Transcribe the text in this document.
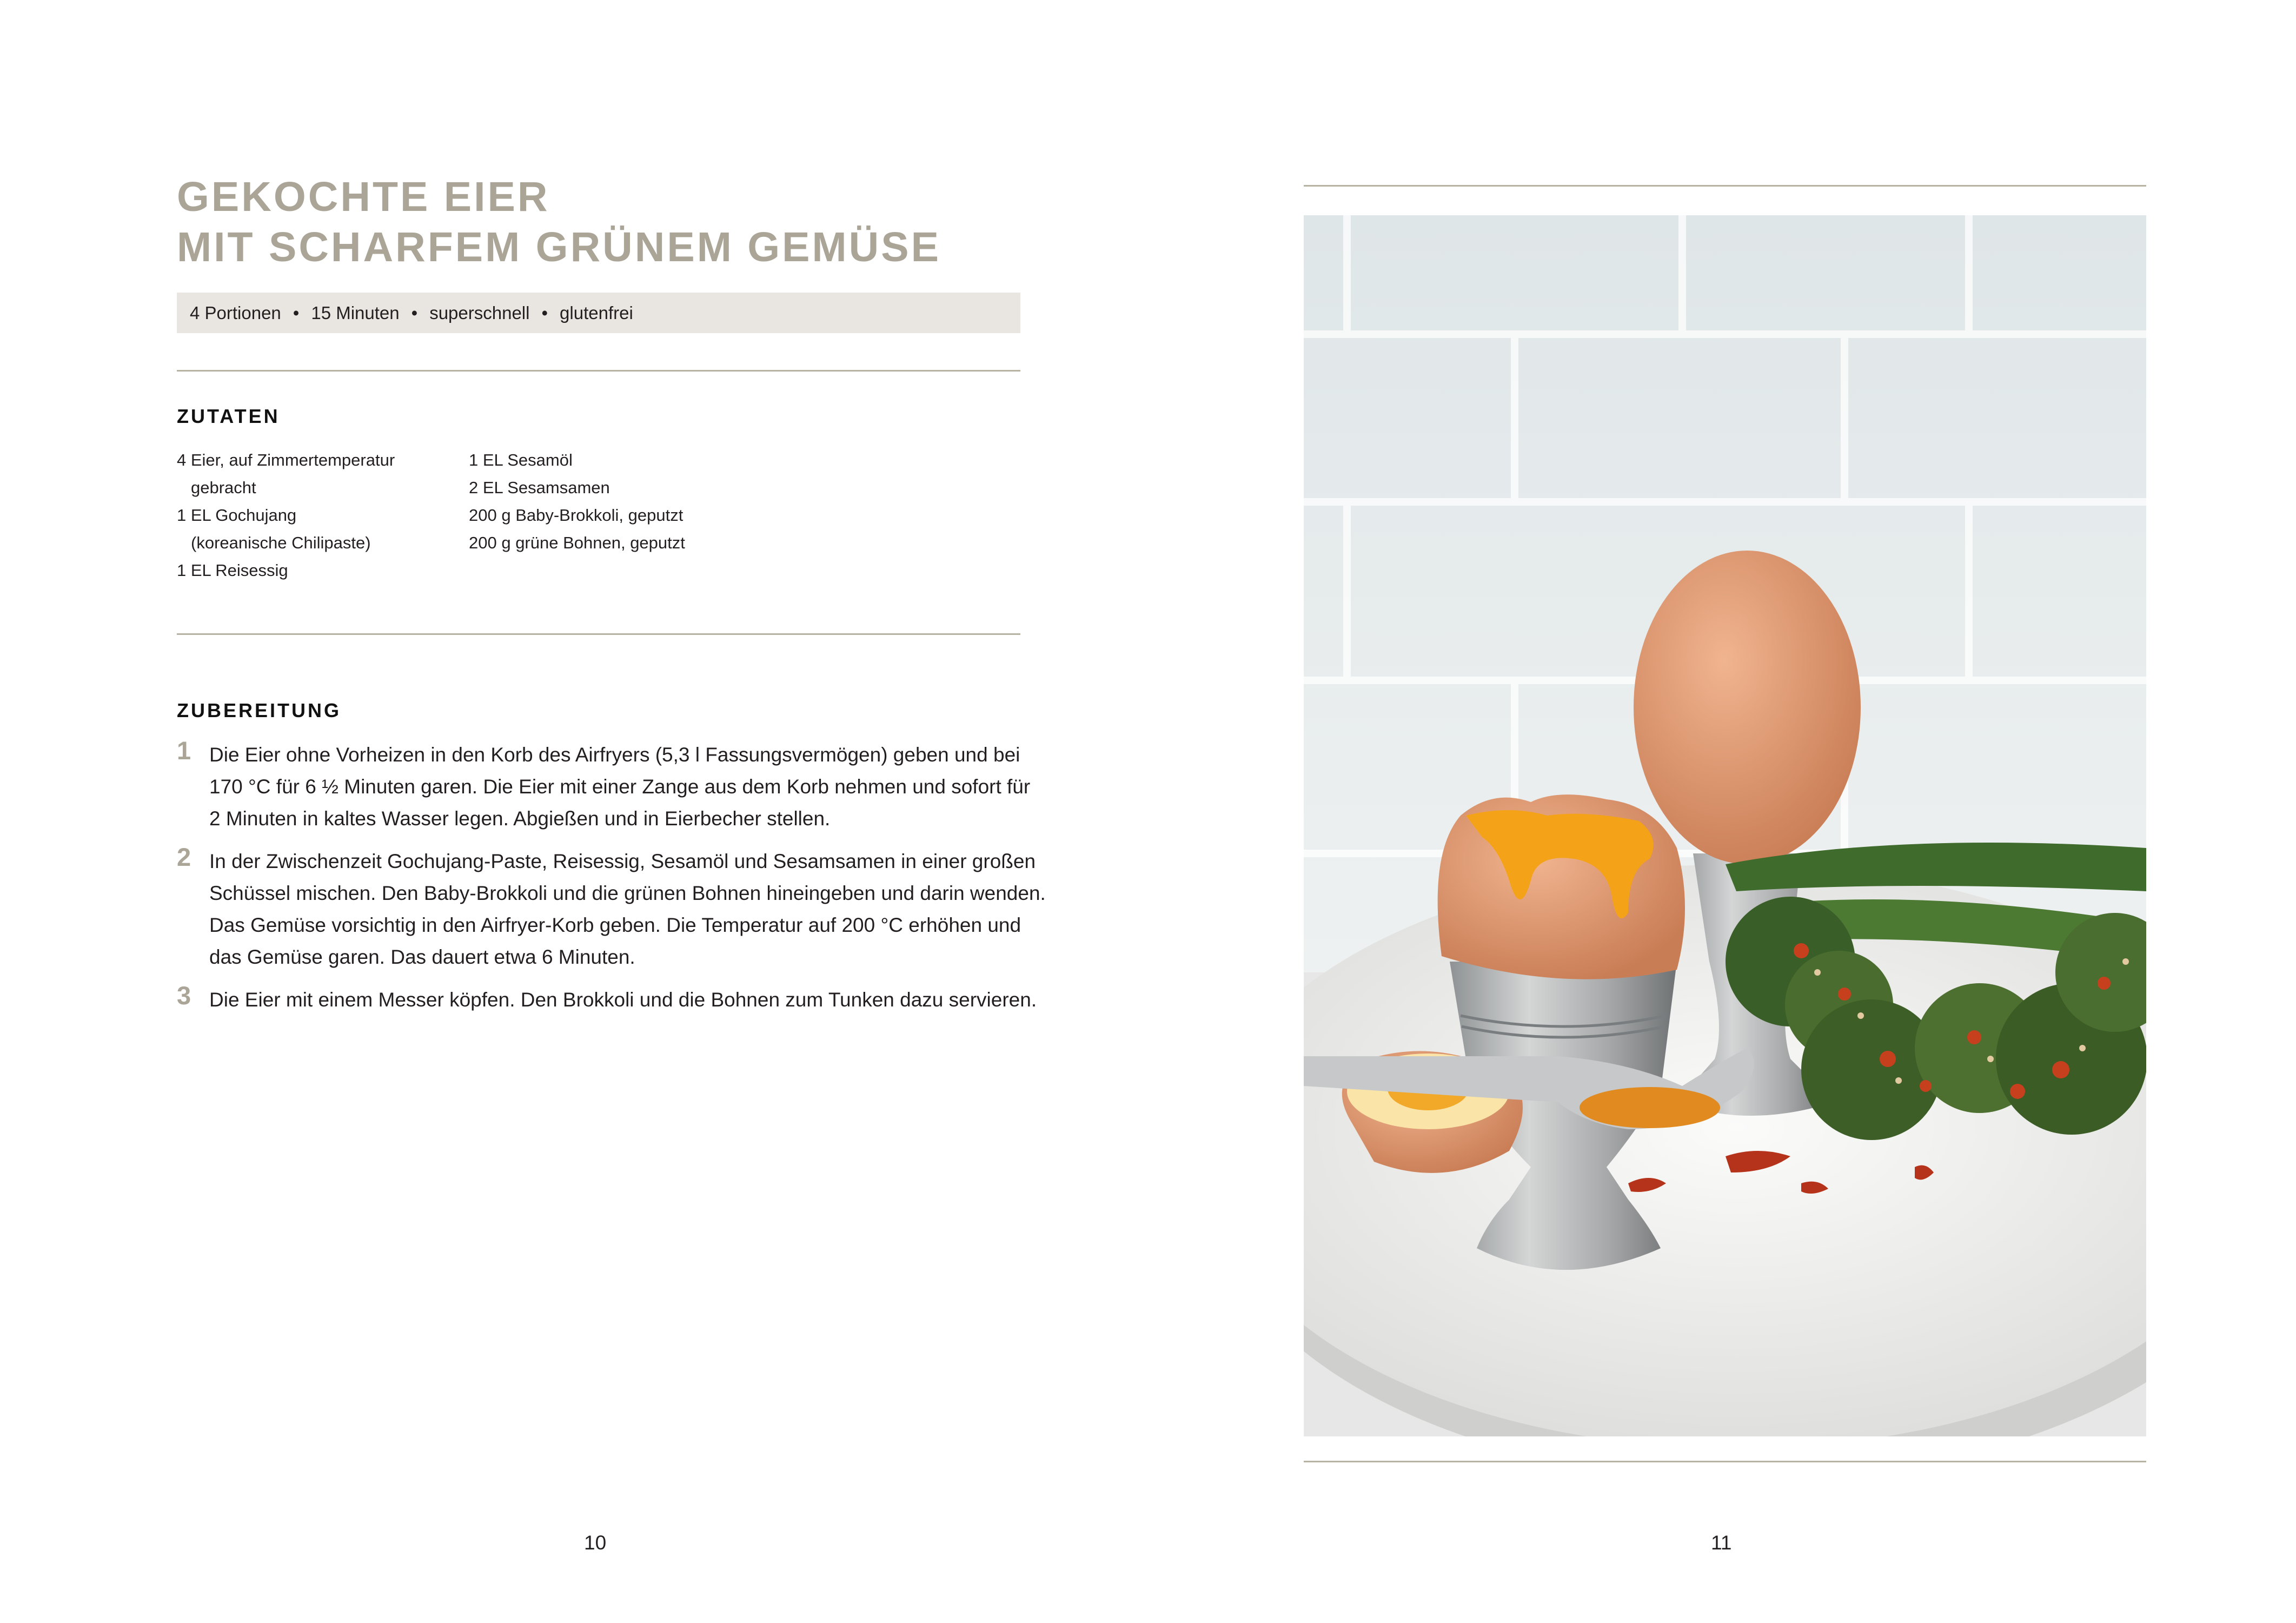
GEKOCHTE EIER
MIT SCHARFEM GRÜNEM GEMÜSE
4 Portionen • 15 Minuten • superschnell • glutenfrei
ZUTATEN
4 Eier, auf Zimmertemperatur
gebracht
1 EL Gochujang
(koreanische Chilipaste)
1 EL Reisessig
1 EL Sesamöl
2 EL Sesamsamen
200 g Baby-Brokkoli, geputzt
200 g grüne Bohnen, geputzt
ZUBEREITUNG
1 Die Eier ohne Vorheizen in den Korb des Airfryers (5,3 l Fassungsvermögen) geben und bei
170 °C für 6 ½ Minuten garen. Die Eier mit einer Zange aus dem Korb nehmen und sofort für
2 Minuten in kaltes Wasser legen. Abgießen und in Eierbecher stellen.
2 In der Zwischenzeit Gochujang-Paste, Reisessig, Sesamöl und Sesamsamen in einer großen
Schüssel mischen. Den Baby-Brokkoli und die grünen Bohnen hineingeben und darin wenden.
Das Gemüse vorsichtig in den Airfryer-Korb geben. Die Temperatur auf 200 °C erhöhen und
das Gemüse garen. Das dauert etwa 6 Minuten.
3 Die Eier mit einem Messer köpfen. Den Brokkoli und die Bohnen zum Tunken dazu servieren.
10	11
